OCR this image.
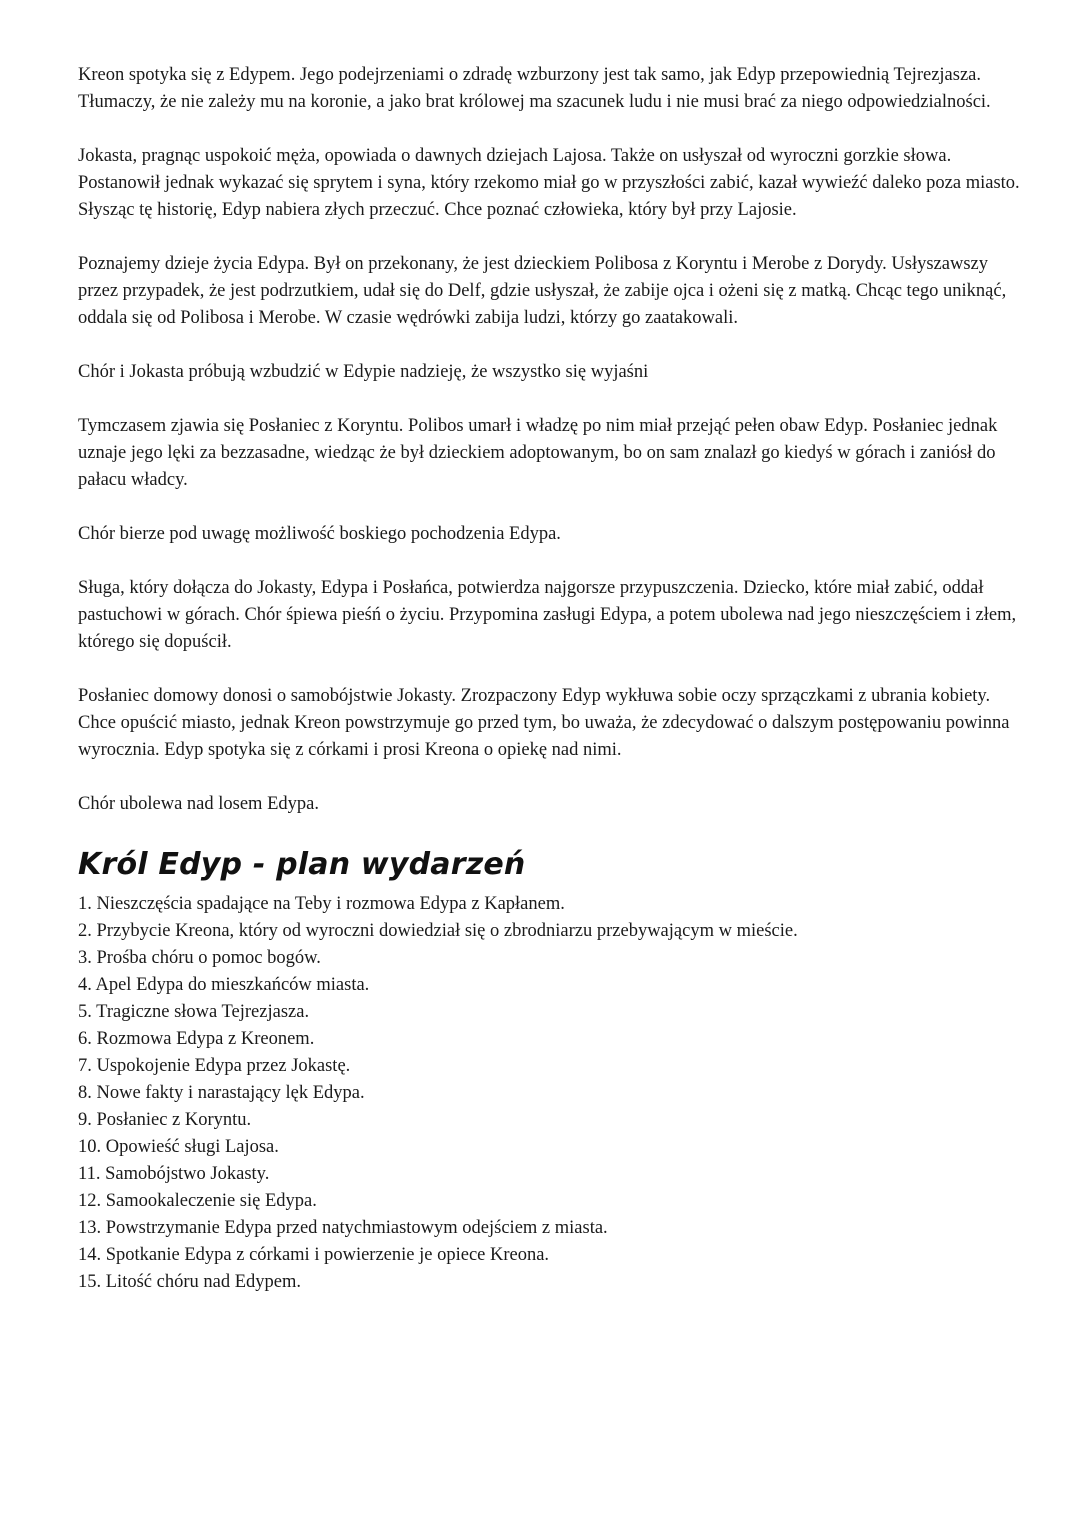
Kreon spotyka się z Edypem. Jego podejrzeniami o zdradę wzburzony jest tak samo, jak Edyp przepowiednią Tejrezjasza. Tłumaczy, że nie zależy mu na koronie, a jako brat królowej ma szacunek ludu i nie musi brać za niego odpowiedzialności.

Jokasta, pragnąc uspokoić męża, opowiada o dawnych dziejach Lajosa. Także on usłyszał od wyroczni gorzkie słowa. Postanowił jednak wykazać się sprytem i syna, który rzekomo miał go w przyszłości zabić, kazał wywieźć daleko poza miasto. Słysząc tę historię, Edyp nabiera złych przeczuć. Chce poznać człowieka, który był przy Lajosie.

Poznajemy dzieje życia Edypa. Był on przekonany, że jest dzieckiem Polibosa z Koryntu i Merobe z Dorydy. Usłyszawszy przez przypadek, że jest podrzutkiem, udał się do Delf, gdzie usłyszał, że zabije ojca i ożeni się z matką. Chcąc tego uniknąć, oddala się od Polibosa i Merobe. W czasie wędrówki zabija ludzi, którzy go zaatakowali.

Chór i Jokasta próbują wzbudzić w Edypie nadzieję, że wszystko się wyjaśni

Tymczasem zjawia się Posłaniec z Koryntu. Polibos umarł i władzę po nim miał przejąć pełen obaw Edyp. Posłaniec jednak uznaje jego lęki za bezzasadne, wiedząc że był dzieckiem adoptowanym, bo on sam znalazł go kiedyś w górach i zaniósł do pałacu władcy.

Chór bierze pod uwagę możliwość boskiego pochodzenia Edypa.

Sługa, który dołącza do Jokasty, Edypa i Posłańca, potwierdza najgorsze przypuszczenia. Dziecko, które miał zabić, oddał pastuchowi w górach. Chór śpiewa pieśń o życiu. Przypomina zasługi Edypa, a potem ubolewa nad jego nieszczęściem i złem, którego się dopuścił.

Posłaniec domowy donosi o samobójstwie Jokasty. Zrozpaczony Edyp wykłuwa sobie oczy sprzączkami z ubrania kobiety. Chce opuścić miasto, jednak Kreon powstrzymuje go przed tym, bo uważa, że zdecydować o dalszym postępowaniu powinna wyrocznia. Edyp spotyka się z córkami i prosi Kreona o opiekę nad nimi.

Chór ubolewa nad losem Edypa.

Król Edyp - plan wydarzeń
1. Nieszczęścia spadające na Teby i rozmowa Edypa z Kapłanem.
2. Przybycie Kreona, który od wyroczni dowiedział się o zbrodniarzu przebywającym w mieście.
3. Prośba chóru o pomoc bogów.
4. Apel Edypa do mieszkańców miasta.
5. Tragiczne słowa Tejrezjasza.
6. Rozmowa Edypa z Kreonem.
7. Uspokojenie Edypa przez Jokastę.
8. Nowe fakty i narastający lęk Edypa.
9. Posłaniec z Koryntu.
10. Opowieść sługi Lajosa.
11. Samobójstwo Jokasty.
12. Samookaleczenie się Edypa.
13. Powstrzymanie Edypa przed natychmiastowym odejściem z miasta.
14. Spotkanie Edypa z córkami i powierzenie je opiece Kreona.
15. Litość chóru nad Edypem.
